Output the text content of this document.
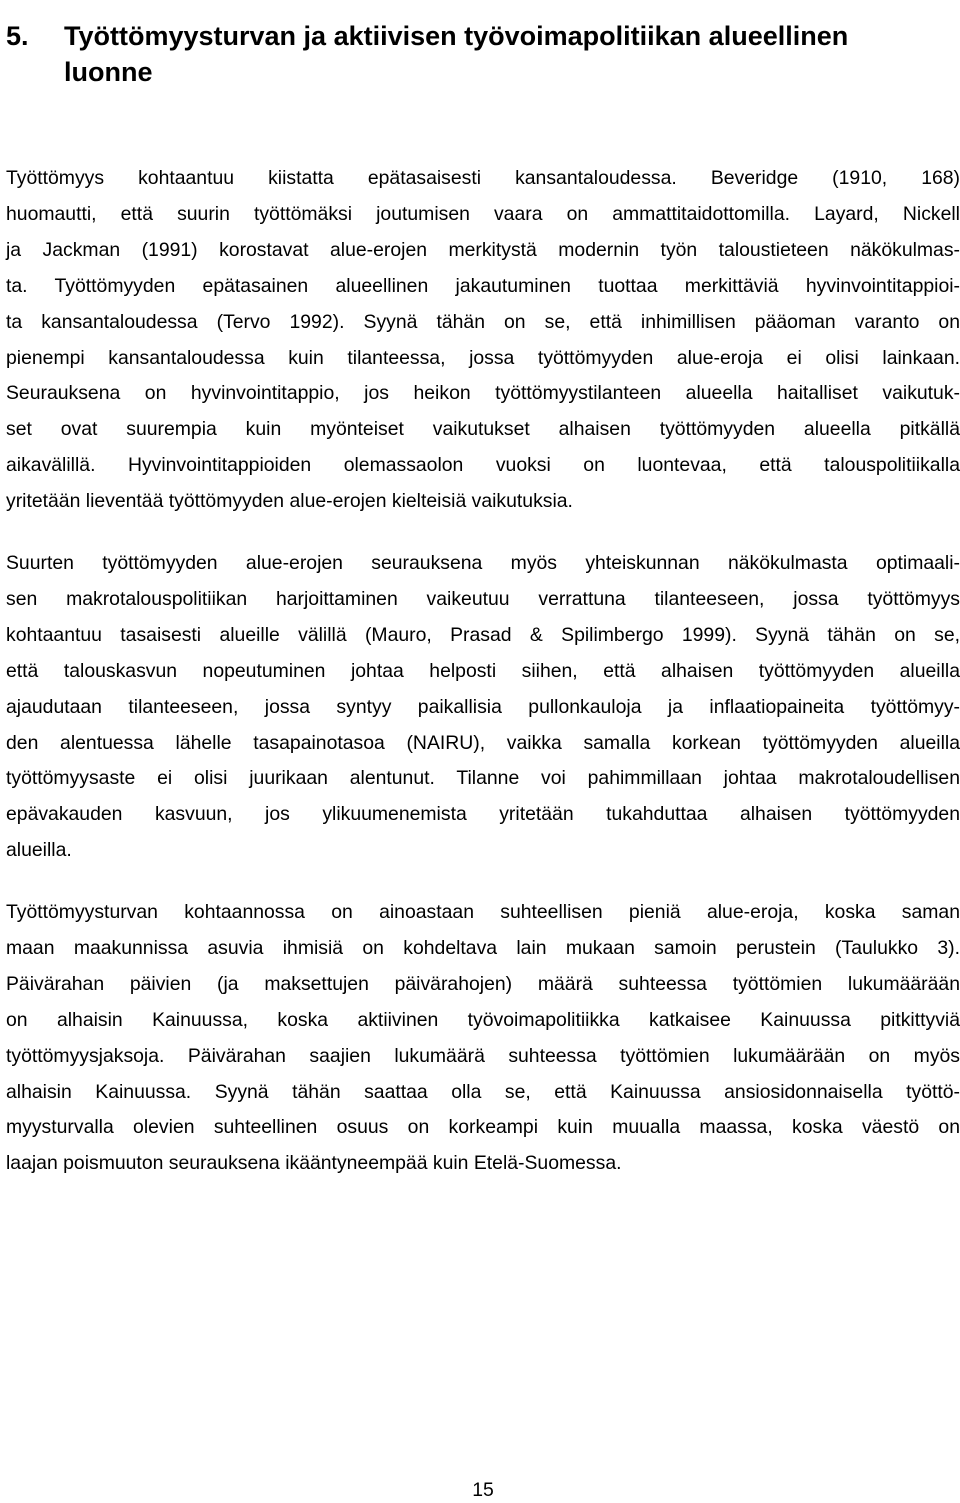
5. Työttömyysturvan ja aktiivisen työvoimapolitiikan alueellinen luonne

Työttömyys kohtaantuu kiistatta epätasaisesti kansantaloudessa. Beveridge (1910, 168)
huomautti, että suurin työttömäksi joutumisen vaara on ammattitaidottomilla. Layard, Nickell
ja Jackman (1991) korostavat alue-erojen merkitystä modernin työn taloustieteen näkökulmas-
ta. Työttömyyden epätasainen alueellinen jakautuminen tuottaa merkittäviä hyvinvointitappioi-
ta kansantaloudessa (Tervo 1992). Syynä tähän on se, että inhimillisen pääoman varanto on
pienempi kansantaloudessa kuin tilanteessa, jossa työttömyyden alue-eroja ei olisi lainkaan.
Seurauksena on hyvinvointitappio, jos heikon työttömyystilanteen alueella haitalliset vaikutuk-
set ovat suurempia kuin myönteiset vaikutukset alhaisen työttömyyden alueella pitkällä
aikavälillä. Hyvinvointitappioiden olemassaolon vuoksi on luontevaa, että talouspolitiikalla
yritetään lieventää työttömyyden alue-erojen kielteisiä vaikutuksia.

Suurten työttömyyden alue-erojen seurauksena myös yhteiskunnan näkökulmasta optimaali-
sen makrotalouspolitiikan harjoittaminen vaikeutuu verrattuna tilanteeseen, jossa työttömyys
kohtaantuu tasaisesti alueille välillä (Mauro, Prasad & Spilimbergo 1999). Syynä tähän on se,
että talouskasvun nopeutuminen johtaa helposti siihen, että alhaisen työttömyyden alueilla
ajaudutaan tilanteeseen, jossa syntyy paikallisia pullonkauloja ja inflaatiopaineita työttömyy-
den alentuessa lähelle tasapainotasoa (NAIRU), vaikka samalla korkean työttömyyden alueilla
työttömyysaste ei olisi juurikaan alentunut. Tilanne voi pahimmillaan johtaa makrotaloudellisen
epävakauden kasvuun, jos ylikuumenemista yritetään tukahduttaa alhaisen työttömyyden
alueilla.

Työttömyysturvan kohtaannossa on ainoastaan suhteellisen pieniä alue-eroja, koska saman
maan maakunnissa asuvia ihmisiä on kohdeltava lain mukaan samoin perustein (Taulukko 3).
Päivärahan päivien (ja maksettujen päivärahojen) määrä suhteessa työttömien lukumäärään
on alhaisin Kainuussa, koska aktiivinen työvoimapolitiikka katkaisee Kainuussa pitkittyviä
työttömyysjaksoja. Päivärahan saajien lukumäärä suhteessa työttömien lukumäärään on myös
alhaisin Kainuussa. Syynä tähän saattaa olla se, että Kainuussa ansiosidonnaisella työttö-
myysturvalla olevien suhteellinen osuus on korkeampi kuin muualla maassa, koska väestö on
laajan poismuuton seurauksena ikääntyneempää kuin Etelä-Suomessa.

15
